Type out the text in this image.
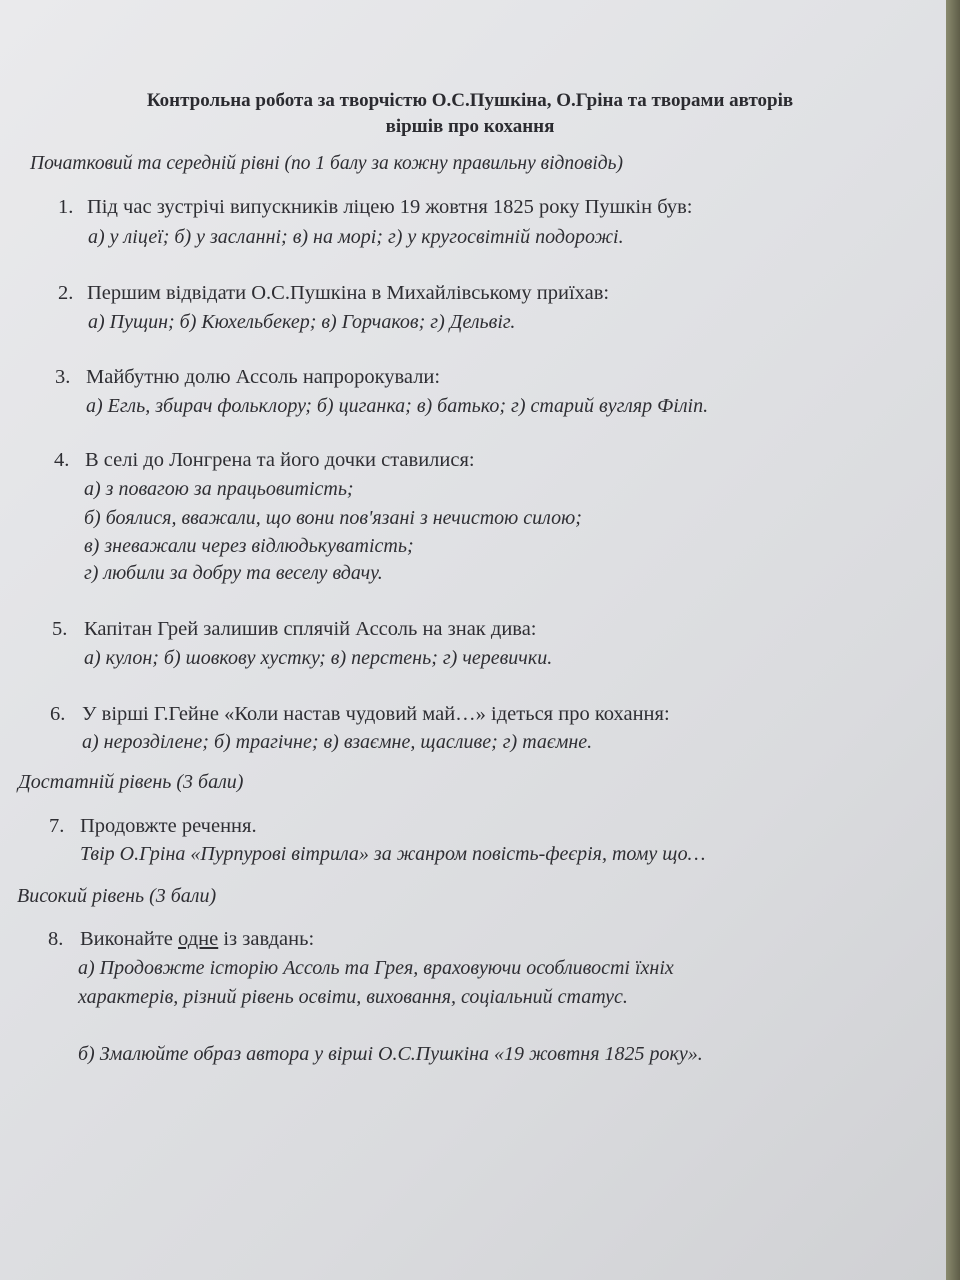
Контрольна робота за творчістю О.С.Пушкіна, О.Гріна та творами авторів
віршів про кохання
Початковий та середній рівні (по 1 балу за кожну правильну відповідь)
1. Під час зустрічі випускників ліцею 19 жовтня 1825 року Пушкін був:
а) у ліцеї; б) у засланні; в) на морі; г) у кругосвітній подорожі.
2. Першим відвідати О.С.Пушкіна в Михайлівському приїхав:
а) Пущин; б) Кюхельбекер; в) Горчаков; г) Дельвіг.
3. Майбутню долю Ассоль напророкували:
а) Егль, збирач фольклору; б) циганка; в) батько; г) старий вугляр Філіп.
4. В селі до Лонгрена та його дочки ставилися:
а) з повагою за працьовитість;
б) боялися, вважали, що вони пов'язані з нечистою силою;
в) зневажали через відлюдькуватість;
г) любили за добру та веселу вдачу.
5. Капітан Грей залишив сплячій Ассоль на знак дива:
а) кулон; б) шовкову хустку; в) перстень; г) черевички.
6. У вірші Г.Гейне «Коли настав чудовий май…» ідеться про кохання:
а) нерозділене; б) трагічне; в) взаємне, щасливе; г) таємне.
Достатній рівень (3 бали)
7. Продовжте речення.
Твір О.Гріна «Пурпурові вітрила» за жанром повість-феєрія, тому що…
Високий рівень (3 бали)
8. Виконайте одне із завдань:
а) Продовжте історію Ассоль та Грея, враховуючи особливості їхніх
характерів, різний рівень освіти, виховання, соціальний статус.
б) Змалюйте образ автора у вірші О.С.Пушкіна «19 жовтня 1825 року».
